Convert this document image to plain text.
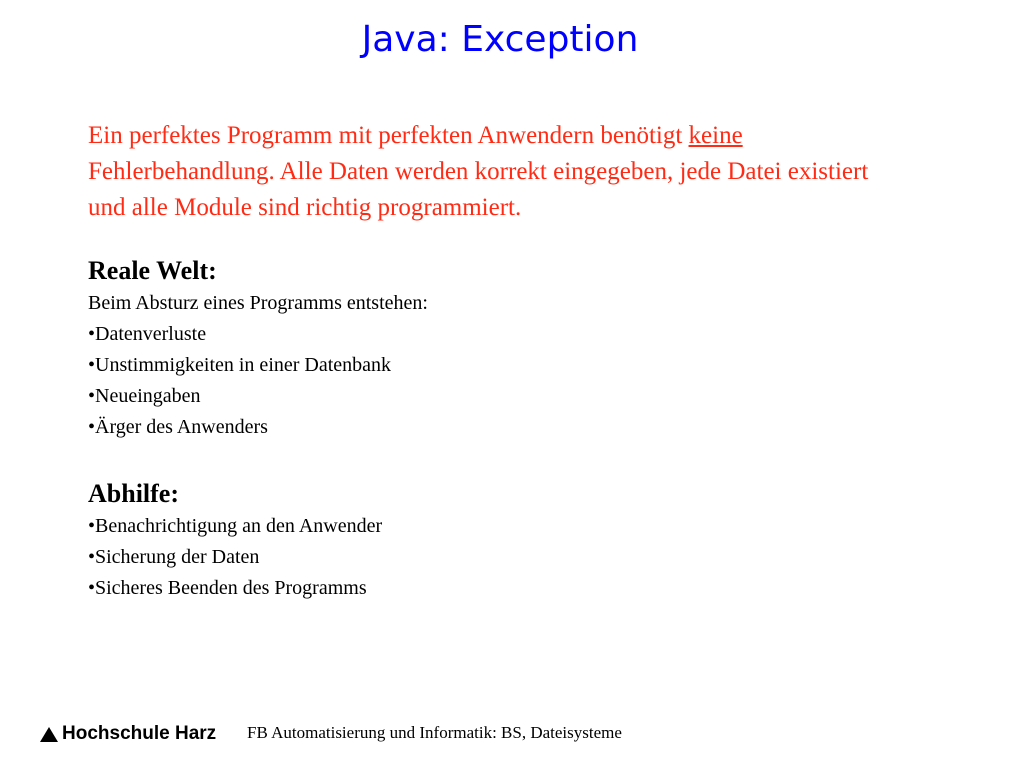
Java: Exception

Ein perfektes Programm mit perfekten Anwendern benötigt keine Fehlerbehandlung. Alle Daten werden korrekt eingegeben, jede Datei existiert und alle Module sind richtig programmiert.

Reale Welt:

Beim Absturz eines Programms entstehen:

•Datenverluste

•Unstimmigkeiten in einer Datenbank

•Neueingaben

•Ärger des Anwenders

Abhilfe:

•Benachrichtigung an den Anwender

•Sicherung der Daten

•Sicheres Beenden des Programms

Hochschule Harz FB Automatisierung und Informatik: BS, Dateisysteme
